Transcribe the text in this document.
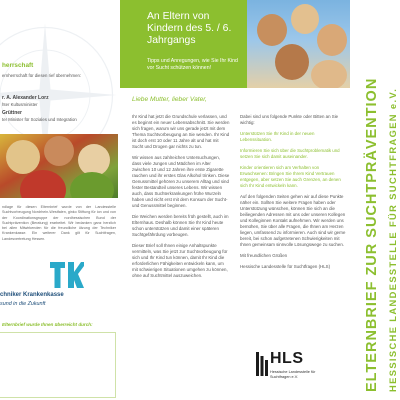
herrschaft
ernherrschaft für diesen rief übernehmen:
r. A. Alexander Lorz
hter Kultusminister
Grüttner
ter Minister für Soziales und Integration
ndlage für diesen Elternbrief wurde von der Landesstelle Suchtvorbeugung Nordrhein-Westfalen, ginko Stiftung für ion und von der Koordinationsgruppe der nordhessischen Bund der Suchtprävention (Beratung) erarbeitet. Wir bedanken ganz herzlich bei allen Mitwirkenden für die freundliche ützung der Techniker Krankenkasse. Ein weiterer Dank gilt für Suchtfragen, Landesvertretung Hessen.
chniker Krankenkasse
sund in die Zukunft
Elternbrief wurde Ihnen überreicht durch:
An Eltern von Kindern des 5. / 6. Jahrgangs
Tipps und Anregungen, wie Sie Ihr Kind vor Sucht schützen können!
Liebe Mutter, lieber Vater,

Ihr Kind hat jetzt die Grundschule verlassen, und es beginnt ein neuer Lebensabschnitt. Sie werden sich fragen, warum wir uns gerade jetzt mit dem Thema Suchtvorbeugung an Sie wenden. Ihr Kind ist doch erst 10 oder 11 Jahre alt und hat mit Sucht und Drogen gar nichts zu tun.

Wir wissen aus zahlreichen Untersuchungen, dass viele Jungen und Mädchen im Alter zwischen 10 und 12 Jahren ihre erste Zigarette rauchen und ihr erstes Glas Alkohol trinken. Diese Genussmittel gehören zu unserem Alltag und sind fester Bestandteil unseres Lebens. Wir wissen auch, dass Suchterkrankungen frühe Wurzeln haben und nicht erst mit dem Konsum der Sucht- und Genussmittel beginnen.

Die Weichen werden bereits früh gestellt, auch im Elternhaus. Deshalb können Sie Ihr Kind heute schon unterstützen und damit einer späteren Suchtgefährdung vorbeugen.

Dieser Brief soll Ihnen einige Anhaltspunkte vermitteln, was Sie jetzt zur Suchtvorbeugung für sich und Ihr Kind tun können, damit Ihr Kind die erforderlichen Fähigkeiten entwickeln kann, um mit schwierigen Situationen umgehen zu können, ohne auf Suchtmittel auszuweichen.

Dabei sind uns folgende Punkte oder Bitten an Sie wichtig:

Unterstützen Sie Ihr Kind in der neuen Lebenssituation.

Informieren Sie sich über die Suchtproblematik und setzen Sie sich damit auseinander.

Kinder orientieren sich am Verhalten von Erwachsenen: Bringen Sie Ihrem Kind Vertrauen entgegen, aber setzen Sie auch Grenzen, an denen sich Ihr Kind entwickeln kann.

Auf den folgenden Seiten gehen wir auf diese Punkte näher ein. Sollten Sie weitere Fragen haben oder Unterstützung wünschen, können Sie sich an die beiliegenden Adressen mit uns oder unseren Kollegen und Kolleginnen Kontakt aufnehmen. Wir werden uns bemühen, Sie über alle Fragen, die Ihnen am Herzen liegen, umfassend zu informieren. Auch sind wir gerne bereit, bei schon aufgetretenen Schwierigkeiten mit Ihnen gemeinsam sinnvolle Lösungswege zu suchen.

Mit freundlichen Grüßen

Hessische Landesstelle für Suchtfragen (HLS)

HLS
Hessische Landesstelle für Suchtfragen e.V.	ELTERNBRIEF ZUR SUCHTPRÄVENTION HESSISCHE LANDESSTELLE FÜR SUCHTFRAGEN e.V.
